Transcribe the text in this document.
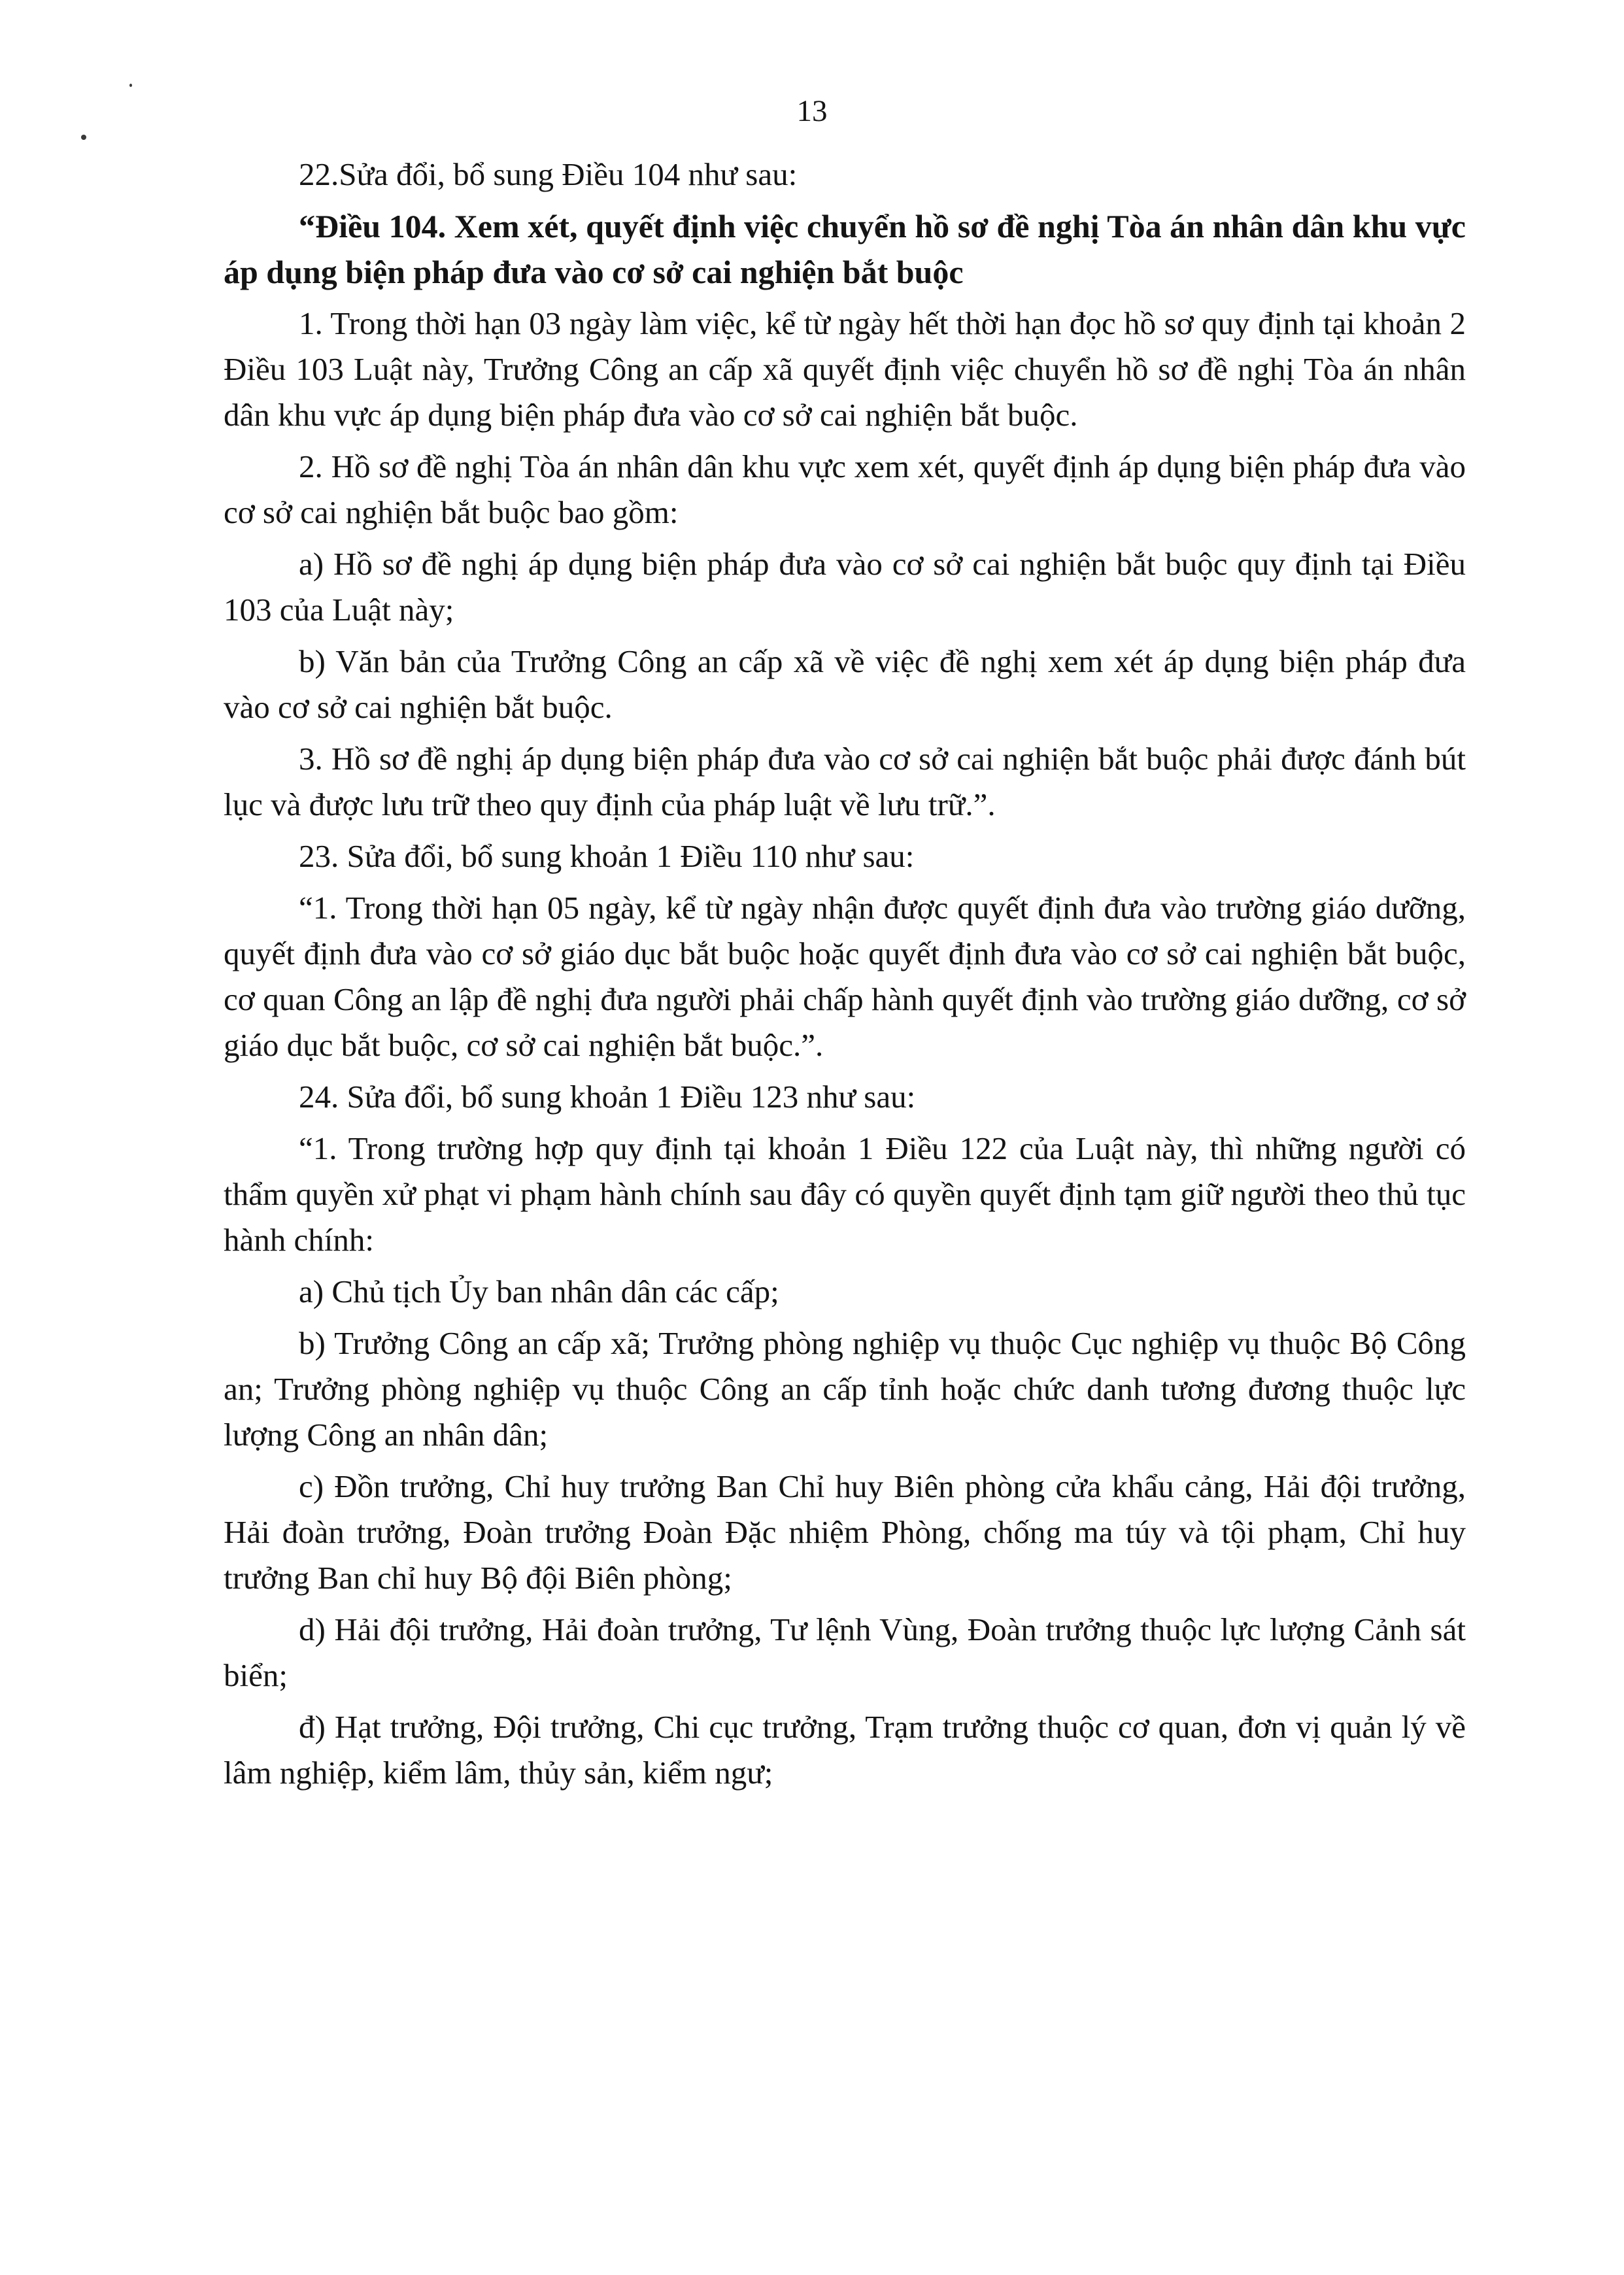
13

22.Sửa đổi, bổ sung Điều 104 như sau:

“Điều 104. Xem xét, quyết định việc chuyển hồ sơ đề nghị Tòa án nhân dân khu vực áp dụng biện pháp đưa vào cơ sở cai nghiện bắt buộc

1. Trong thời hạn 03 ngày làm việc, kể từ ngày hết thời hạn đọc hồ sơ quy định tại khoản 2 Điều 103 Luật này, Trưởng Công an cấp xã quyết định việc chuyển hồ sơ đề nghị Tòa án nhân dân khu vực áp dụng biện pháp đưa vào cơ sở cai nghiện bắt buộc.

2. Hồ sơ đề nghị Tòa án nhân dân khu vực xem xét, quyết định áp dụng biện pháp đưa vào cơ sở cai nghiện bắt buộc bao gồm:

a) Hồ sơ đề nghị áp dụng biện pháp đưa vào cơ sở cai nghiện bắt buộc quy định tại Điều 103 của Luật này;

b) Văn bản của Trưởng Công an cấp xã về việc đề nghị xem xét áp dụng biện pháp đưa vào cơ sở cai nghiện bắt buộc.

3. Hồ sơ đề nghị áp dụng biện pháp đưa vào cơ sở cai nghiện bắt buộc phải được đánh bút lục và được lưu trữ theo quy định của pháp luật về lưu trữ.”.

23. Sửa đổi, bổ sung khoản 1 Điều 110 như sau:

“1. Trong thời hạn 05 ngày, kể từ ngày nhận được quyết định đưa vào trường giáo dưỡng, quyết định đưa vào cơ sở giáo dục bắt buộc hoặc quyết định đưa vào cơ sở cai nghiện bắt buộc, cơ quan Công an lập đề nghị đưa người phải chấp hành quyết định vào trường giáo dưỡng, cơ sở giáo dục bắt buộc, cơ sở cai nghiện bắt buộc.”.

24. Sửa đổi, bổ sung khoản 1 Điều 123 như sau:

“1. Trong trường hợp quy định tại khoản 1 Điều 122 của Luật này, thì những người có thẩm quyền xử phạt vi phạm hành chính sau đây có quyền quyết định tạm giữ người theo thủ tục hành chính:

a) Chủ tịch Ủy ban nhân dân các cấp;

b) Trưởng Công an cấp xã; Trưởng phòng nghiệp vụ thuộc Cục nghiệp vụ thuộc Bộ Công an; Trưởng phòng nghiệp vụ thuộc Công an cấp tỉnh hoặc chức danh tương đương thuộc lực lượng Công an nhân dân;

c) Đồn trưởng, Chỉ huy trưởng Ban Chỉ huy Biên phòng cửa khẩu cảng, Hải đội trưởng, Hải đoàn trưởng, Đoàn trưởng Đoàn Đặc nhiệm Phòng, chống ma túy và tội phạm, Chỉ huy trưởng Ban chỉ huy Bộ đội Biên phòng;

d) Hải đội trưởng, Hải đoàn trưởng, Tư lệnh Vùng, Đoàn trưởng thuộc lực lượng Cảnh sát biển;

đ) Hạt trưởng, Đội trưởng, Chi cục trưởng, Trạm trưởng thuộc cơ quan, đơn vị quản lý về lâm nghiệp, kiểm lâm, thủy sản, kiểm ngư;
